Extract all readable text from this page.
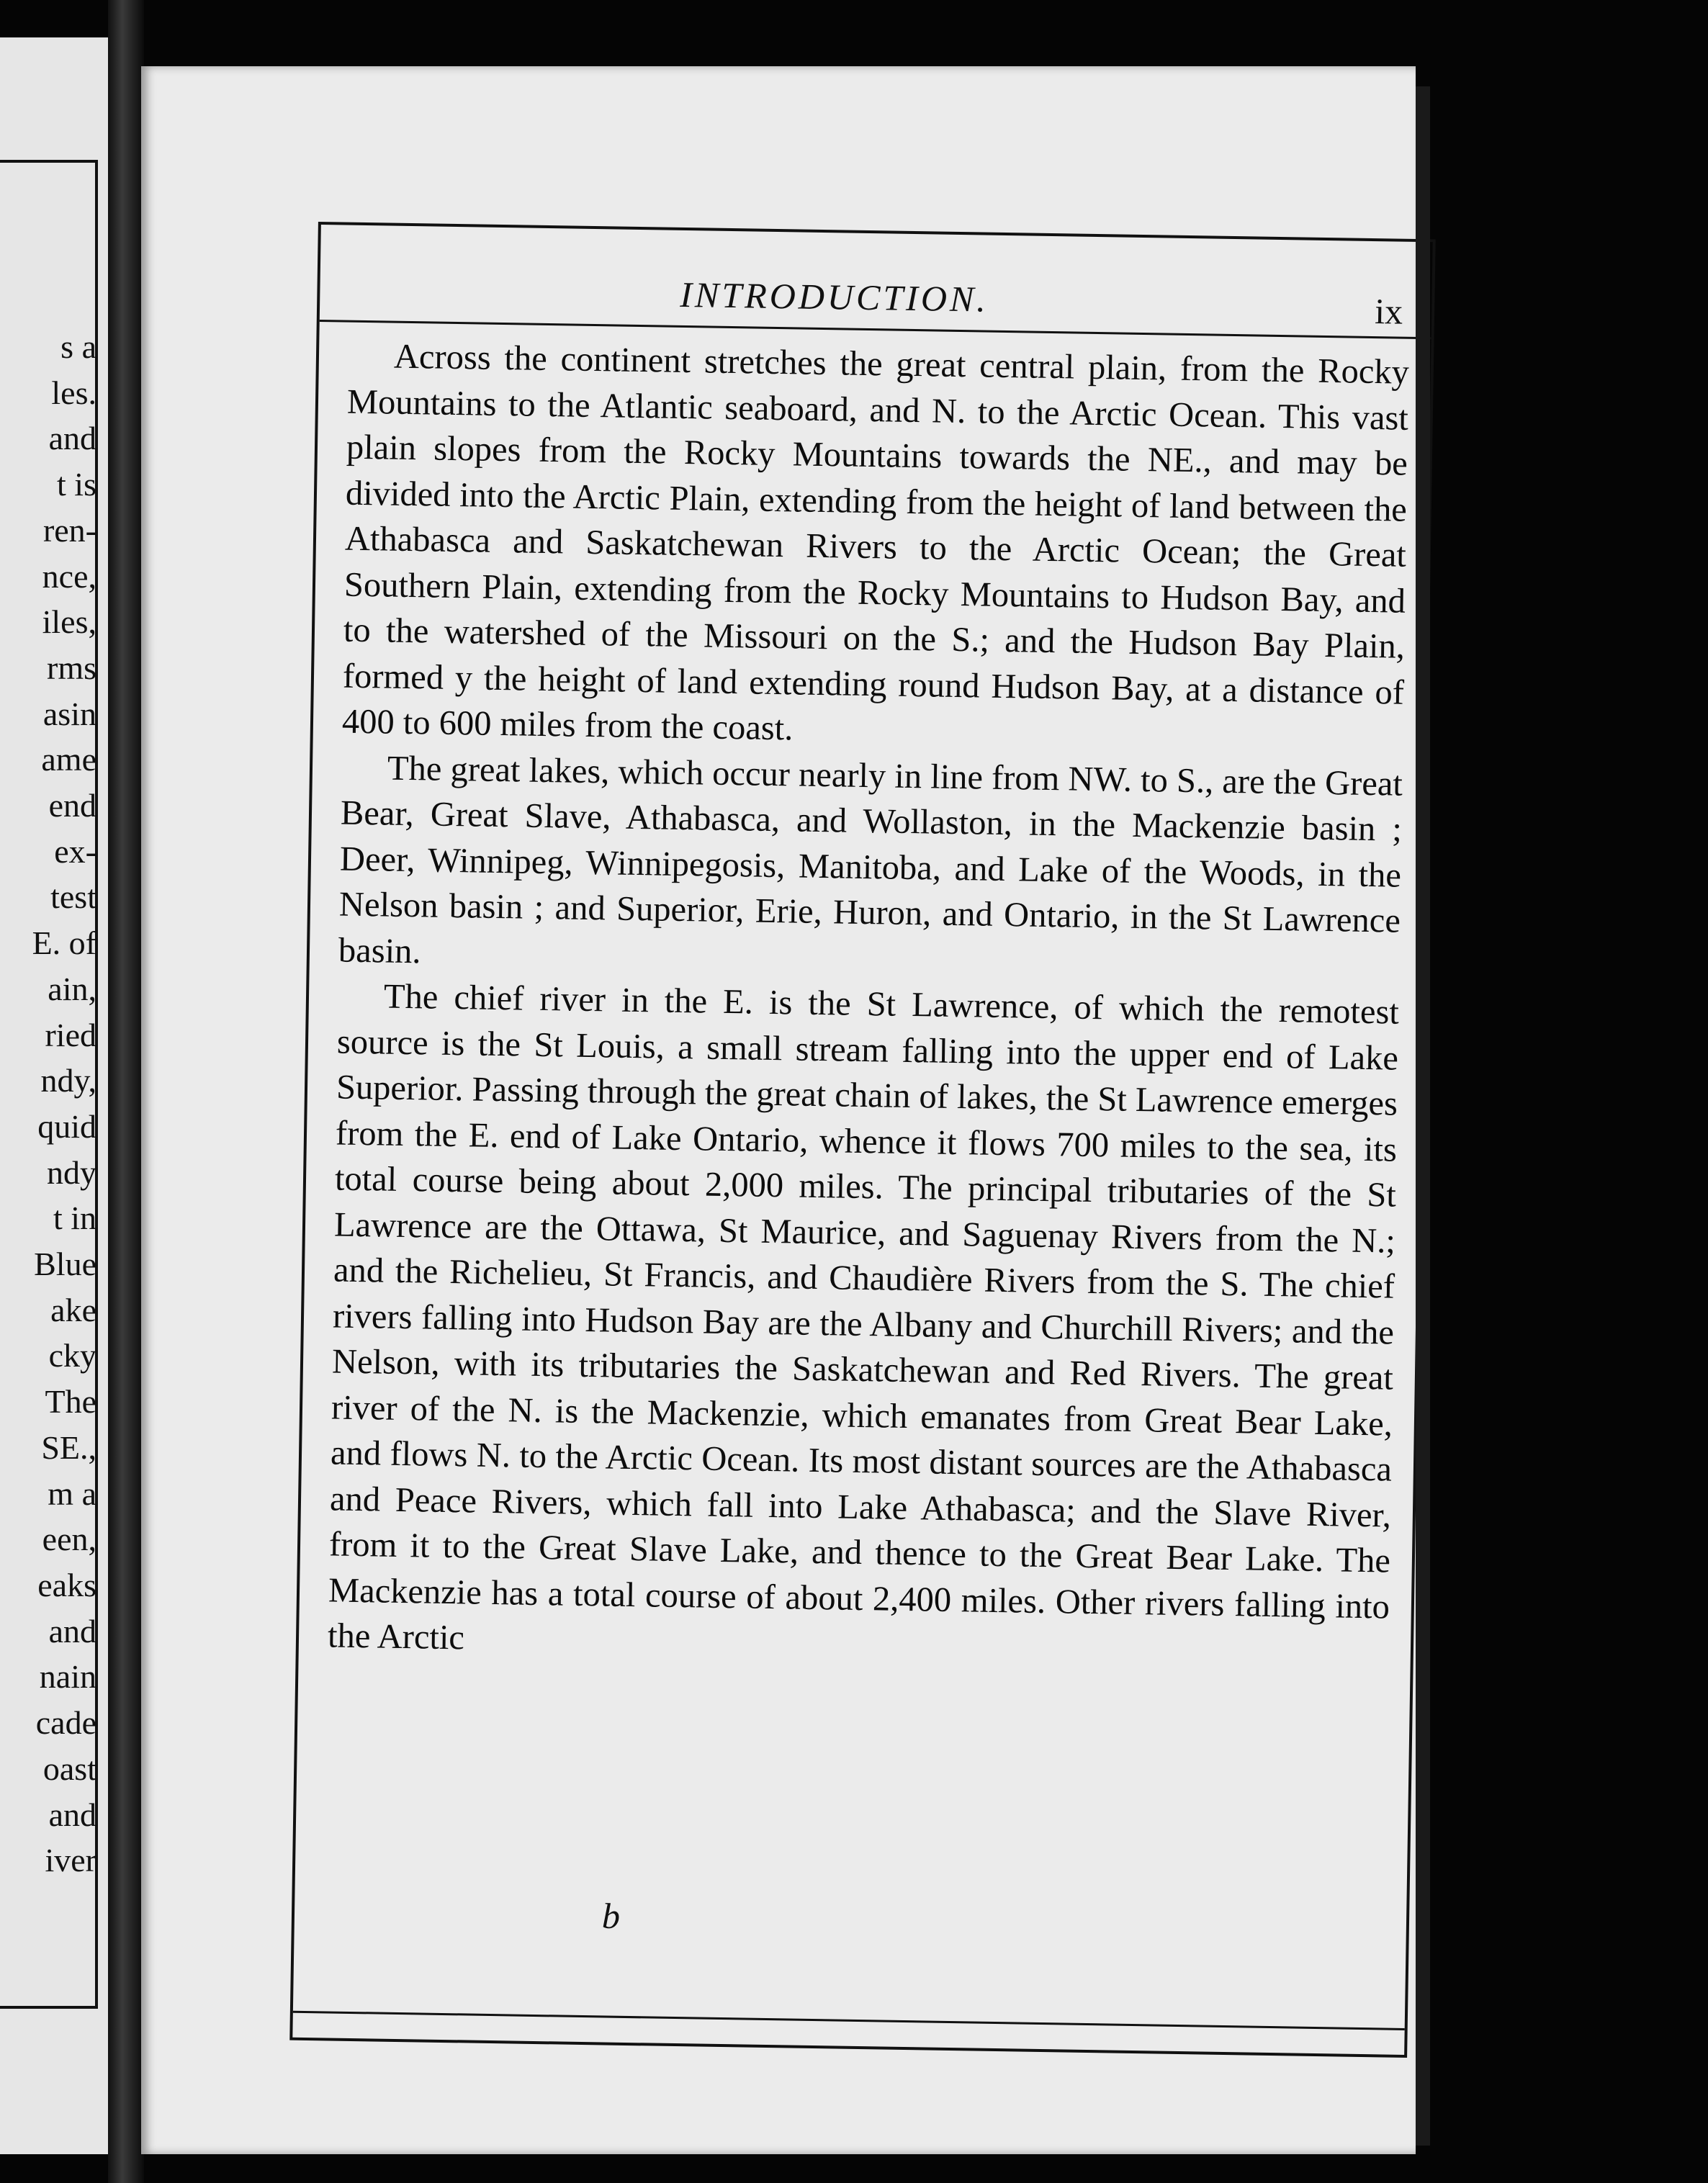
s a
les.
and
t is
ren-
nce,
iles,
rms
asin
ame
end
ex-
test
E. of
ain,
ried
ndy,
quid
ndy
t in
Blue
ake
cky
The
SE.,
m a
een,
eaks
and
nain
cade
oast
and
iver
INTRODUCTION.	ix

Across the continent stretches the great central plain, from the Rocky Mountains to the Atlantic seaboard, and N. to the Arctic Ocean. This vast plain slopes from the Rocky Mountains towards the NE., and may be divided into the Arctic Plain, extending from the height of land between the Athabasca and Saskatchewan Rivers to the Arctic Ocean; the Great Southern Plain, extending from the Rocky Mountains to Hudson Bay, and to the watershed of the Missouri on the S.; and the Hudson Bay Plain, formed y the height of land extending round Hudson Bay, at a distance of 400 to 600 miles from the coast.

The great lakes, which occur nearly in line from NW. to S., are the Great Bear, Great Slave, Athabasca, and Wollaston, in the Mackenzie basin ; Deer, Winnipeg, Winnipegosis, Manitoba, and Lake of the Woods, in the Nelson basin ; and Superior, Erie, Huron, and Ontario, in the St Lawrence basin.

The chief river in the E. is the St Lawrence, of which the remotest source is the St Louis, a small stream falling into the upper end of Lake Superior. Passing through the great chain of lakes, the St Lawrence emerges from the E. end of Lake Ontario, whence it flows 700 miles to the sea, its total course being about 2,000 miles. The principal tributaries of the St Lawrence are the Ottawa, St Maurice, and Saguenay Rivers from the N.; and the Richelieu, St Francis, and Chaudière Rivers from the S. The chief rivers falling into Hudson Bay are the Albany and Churchill Rivers; and the Nelson, with its tributaries the Saskatchewan and Red Rivers. The great river of the N. is the Mackenzie, which emanates from Great Bear Lake, and flows N. to the Arctic Ocean. Its most distant sources are the Athabasca and Peace Rivers, which fall into Lake Athabasca; and the Slave River, from it to the Great Slave Lake, and thence to the Great Bear Lake. The Mackenzie has a total course of about 2,400 miles. Other rivers falling into the Arctic

b
